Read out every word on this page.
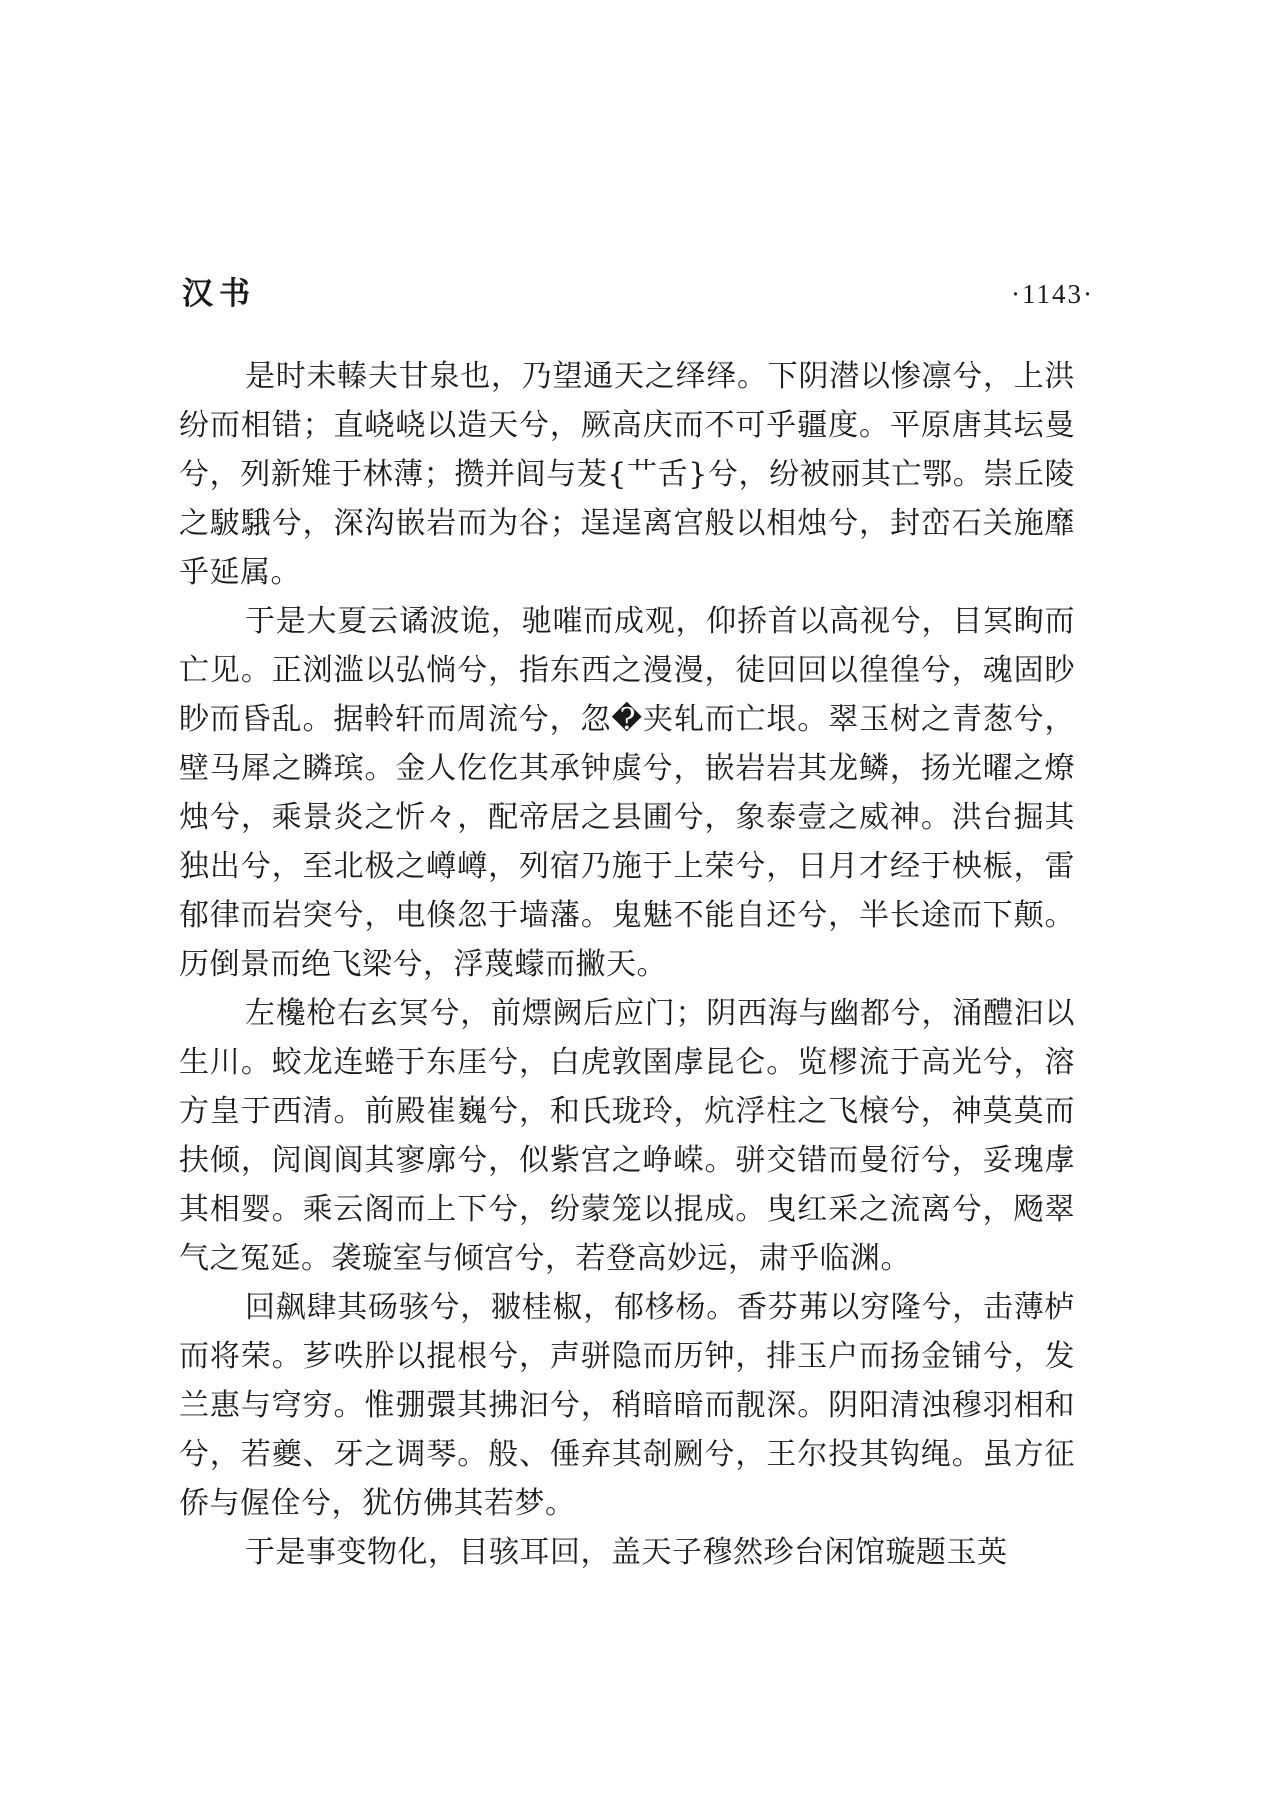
汉书	·1143·

是时未轃夫甘泉也，乃望通天之绎绎。下阴潜以惨凛兮，上洪纷而相错；直峣峣以造天兮，厥高庆而不可乎疆度。平原唐其坛曼兮，列新雉于林薄；攒并闾与茇{艹舌}兮，纷被丽其亡鄂。崇丘陵之駊騀兮，深沟嵌岩而为谷；逞逞离宫般以相烛兮，封峦石关施靡乎延属。

于是大夏云谲波诡，驰嗺而成观，仰挢首以高视兮，目冥眴而亡见。正浏滥以弘惝兮，指东西之漫漫，徒回回以徨徨兮，魂固眇眇而昏乱。据軨轩而周流兮，忽�夹轧而亡垠。翠玉树之青葱兮，壁马犀之瞵瑸。金人仡仡其承钟虡兮，嵌岩岩其龙鳞，扬光曜之燎烛兮，乘景炎之忻々，配帝居之县圃兮，象泰壹之威神。洪台掘其独出兮，至北极之嶟嶟，列宿乃施于上荣兮，日月才经于柍桭，雷郁律而岩突兮，电倏忽于墙藩。鬼魅不能自还兮，半长途而下颠。历倒景而绝飞梁兮，浮蔑蠓而撇天。

左欃枪右玄冥兮，前熛阙后应门；阴西海与幽都兮，涌醴汩以生川。蛟龙连蜷于东厓兮，白虎敦圉虖昆仑。览樛流于高光兮，溶方皇于西清。前殿崔巍兮，和氏珑玲，炕浮柱之飞榱兮，神莫莫而扶倾，闶阆阆其寥廓兮，似紫宫之峥嵘。骈交错而曼衍兮，妥瑰虖其相婴。乘云阁而上下兮，纷蒙笼以掍成。曳红采之流离兮，飏翠气之冤延。袭璇室与倾宫兮，若登高妙远，肃乎临渊。

回飙肆其砀骇兮，翍桂椒，郁栘杨。香芬茀以穷隆兮，击薄栌而将荣。芗呹肸以掍根兮，声骈隐而历钟，排玉户而扬金铺兮，发兰惠与穹穷。惟弸彋其拂汩兮，稍暗暗而靓深。阴阳清浊穆羽相和兮，若夔、牙之调琴。般、倕弃其剞劂兮，王尔投其钩绳。虽方征侨与偓佺兮，犹仿佛其若梦。

于是事变物化，目骇耳回，盖天子穆然珍台闲馆璇题玉英
